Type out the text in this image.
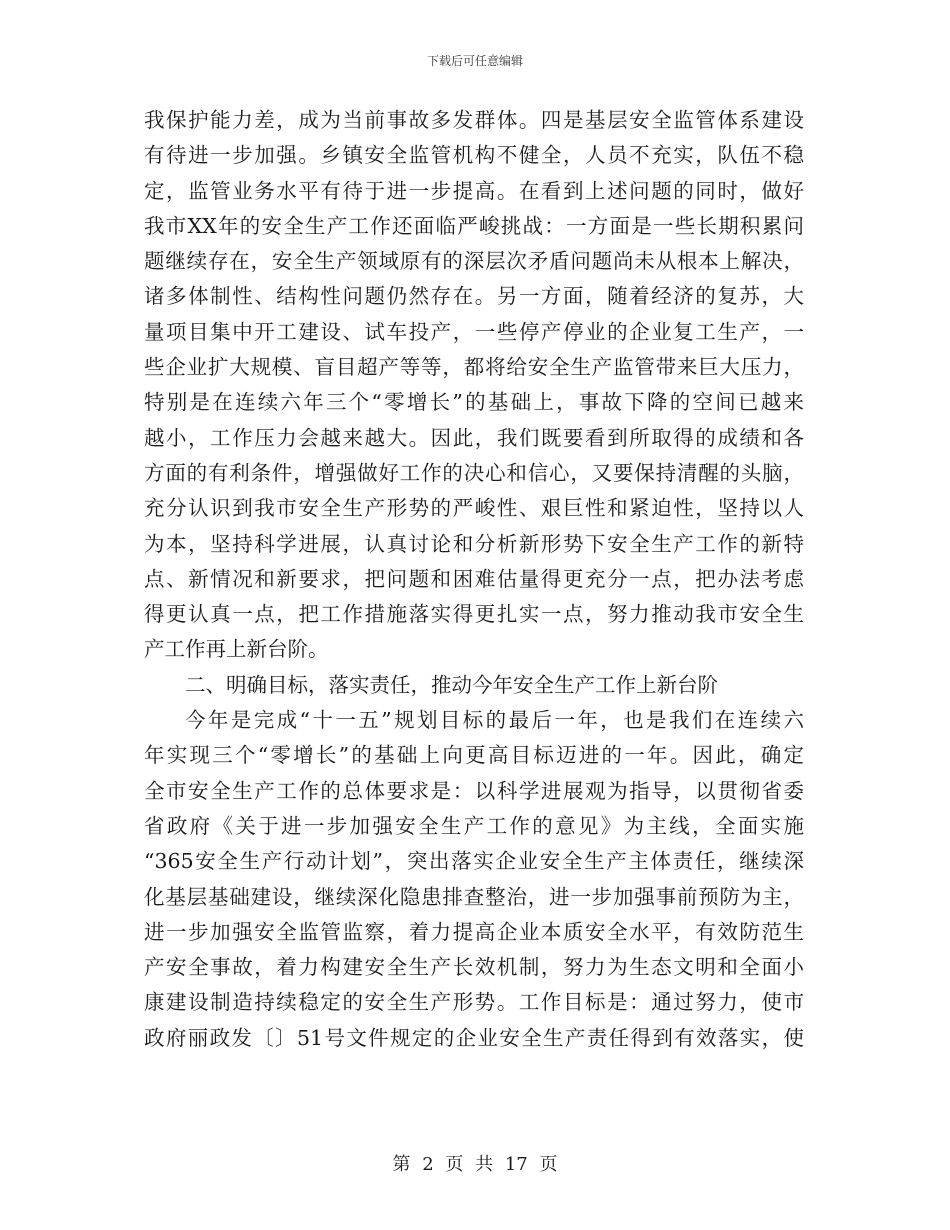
下载后可任意编辑
我保护能力差，成为当前事故多发群体。四是基层安全监管体系建设
有待进一步加强。乡镇安全监管机构不健全，人员不充实，队伍不稳
定，监管业务水平有待于进一步提高。在看到上述问题的同时，做好
我市XX年的安全生产工作还面临严峻挑战：一方面是一些长期积累问
题继续存在，安全生产领域原有的深层次矛盾问题尚未从根本上解决，
诸多体制性、结构性问题仍然存在。另一方面，随着经济的复苏，大
量项目集中开工建设、试车投产，一些停产停业的企业复工生产，一
些企业扩大规模、盲目超产等等，都将给安全生产监管带来巨大压力，
特别是在连续六年三个“零增长”的基础上，事故下降的空间已越来
越小，工作压力会越来越大。因此，我们既要看到所取得的成绩和各
方面的有利条件，增强做好工作的决心和信心，又要保持清醒的头脑，
充分认识到我市安全生产形势的严峻性、艰巨性和紧迫性，坚持以人
为本，坚持科学进展，认真讨论和分析新形势下安全生产工作的新特
点、新情况和新要求，把问题和困难估量得更充分一点，把办法考虑
得更认真一点，把工作措施落实得更扎实一点，努力推动我市安全生
产工作再上新台阶。
二、明确目标，落实责任，推动今年安全生产工作上新台阶
今年是完成“十一五”规划目标的最后一年，也是我们在连续六
年实现三个“零增长”的基础上向更高目标迈进的一年。因此，确定
全市安全生产工作的总体要求是：以科学进展观为指导，以贯彻省委
省政府《关于进一步加强安全生产工作的意见》为主线，全面实施
“365安全生产行动计划”，突出落实企业安全生产主体责任，继续深
化基层基础建设，继续深化隐患排查整治，进一步加强事前预防为主，
进一步加强安全监管监察，着力提高企业本质安全水平，有效防范生
产安全事故，着力构建安全生产长效机制，努力为生态文明和全面小
康建设制造持续稳定的安全生产形势。工作目标是：通过努力，使市
政府丽政发〔〕51号文件规定的企业安全生产责任得到有效落实，使
第 2 页 共 17 页
